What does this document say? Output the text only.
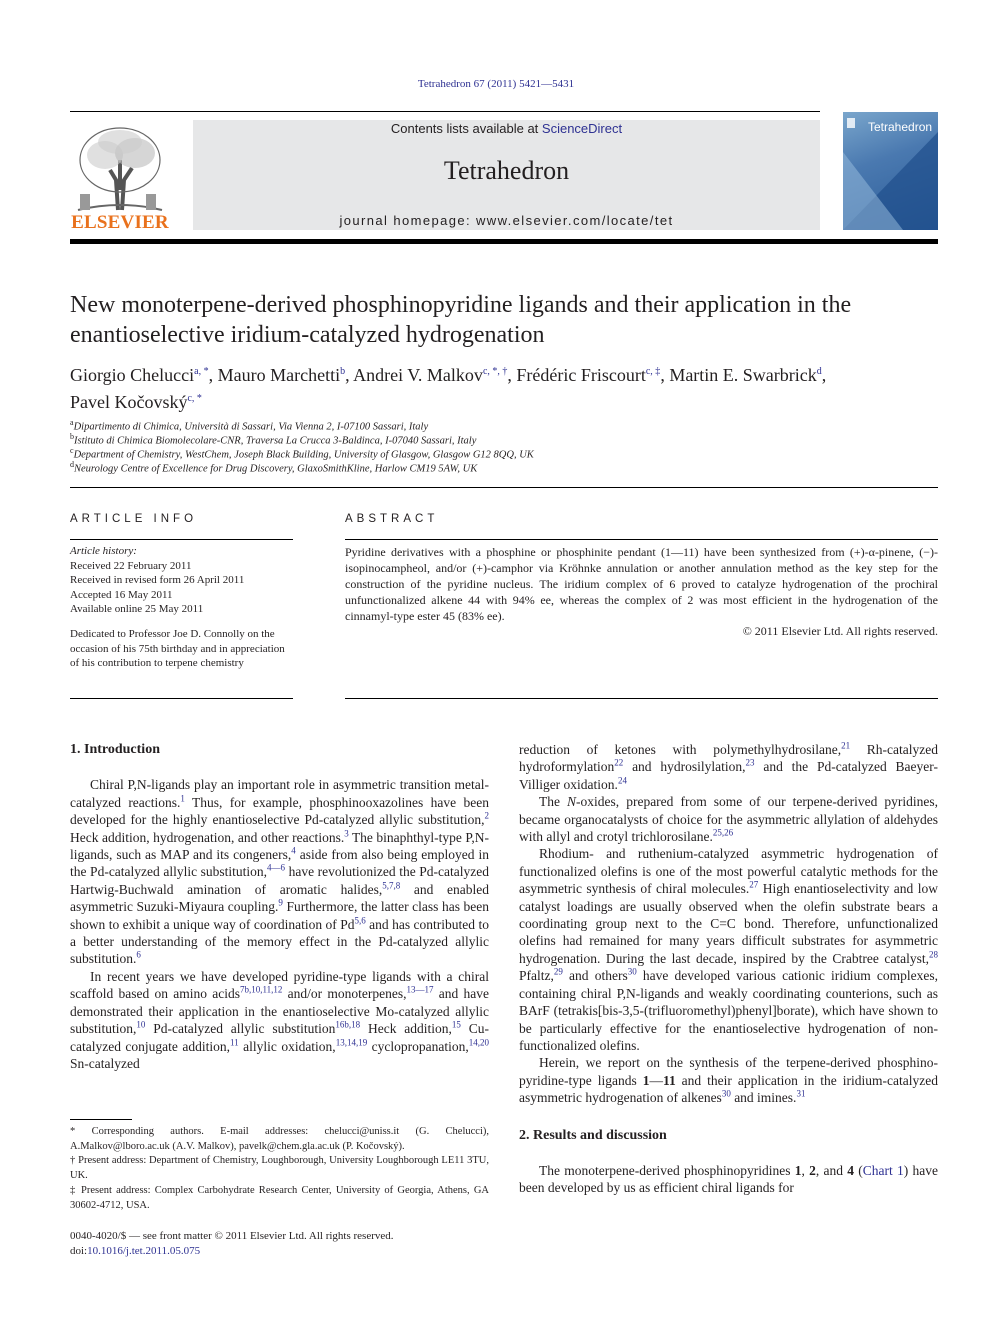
Tetrahedron 67 (2011) 5421—5431
ELSEVIER
Contents lists available at ScienceDirect
Tetrahedron
journal homepage: www.elsevier.com/locate/tet
Tetrahedron
New monoterpene-derived phosphinopyridine ligands and their application in the enantioselective iridium-catalyzed hydrogenation
Giorgio Chelucci$^{a, *}$, Mauro Marchetti$^b$, Andrei V. Malkov$^{c, *, \dagger}$, Frédéric Friscourt$^{c, \ddagger}$, Martin E. Swarbrick$^d$,
Pavel Kočovský$^{c, *}$
$^a$Dipartimento di Chimica, Università di Sassari, Via Vienna 2, I-07100 Sassari, Italy
$^b$Istituto di Chimica Biomolecolare-CNR, Traversa La Crucca 3-Baldinca, I-07040 Sassari, Italy
$^c$Department of Chemistry, WestChem, Joseph Black Building, University of Glasgow, Glasgow G12 8QQ, UK
$^d$Neurology Centre of Excellence for Drug Discovery, GlaxoSmithKline, Harlow CM19 5AW, UK
ARTICLE INFO
Article history:
Received 22 February 2011
Received in revised form 26 April 2011
Accepted 16 May 2011
Available online 25 May 2011
Dedicated to Professor Joe D. Connolly on the occasion of his 75th birthday and in appreciation of his contribution to terpene chemistry
ABSTRACT
Pyridine derivatives with a phosphine or phosphinite pendant (1—11) have been synthesized from (+)-α-pinene, (−)-isopinocampheol, and/or (+)-camphor via Kröhnke annulation or another annulation method as the key step for the construction of the pyridine nucleus. The iridium complex of 6 proved to catalyze hydrogenation of the prochiral unfunctionalized alkene 44 with 94% ee, whereas the complex of 2 was most efficient in the hydrogenation of the cinnamyl-type ester 45 (83% ee).
© 2011 Elsevier Ltd. All rights reserved.
1. Introduction

Chiral P,N-ligands play an important role in asymmetric transition metal-catalyzed reactions.$^1$ Thus, for example, phosphinooxazolines have been developed for the highly enantioselective Pd-catalyzed allylic substitution,$^2$ Heck addition, hydrogenation, and other reactions.$^3$ The binaphthyl-type P,N-ligands, such as MAP and its congeners,$^4$ aside from also being employed in the Pd-catalyzed allylic substitution,$^{4—6}$ have revolutionized the Pd-catalyzed Hartwig-Buchwald amination of aromatic halides,$^{5,7,8}$ and enabled asymmetric Suzuki-Miyaura coupling.$^9$ Furthermore, the latter class has been shown to exhibit a unique way of coordination of Pd$^{5,6}$ and has contributed to a better understanding of the memory effect in the Pd-catalyzed allylic substitution.$^6$

In recent years we have developed pyridine-type ligands with a chiral scaffold based on amino acids$^{7b,10,11,12}$ and/or monoterpenes,$^{13—17}$ and have demonstrated their application in the enantioselective Mo-catalyzed allylic substitution,$^{10}$ Pd-catalyzed allylic substitution$^{16b,18}$ Heck addition,$^{15}$ Cu-catalyzed conjugate addition,$^{11}$ allylic oxidation,$^{13,14,19}$ cyclopropanation,$^{14,20}$ Sn-catalyzed

* Corresponding authors. E-mail addresses: chelucci@uniss.it (G. Chelucci), A.Malkov@lboro.ac.uk (A.V. Malkov), pavelk@chem.gla.ac.uk (P. Kočovský).
† Present address: Department of Chemistry, Loughborough, University Loughborough LE11 3TU, UK.
‡ Present address: Complex Carbohydrate Research Center, University of Georgia, Athens, GA 30602-4712, USA.
0040-4020/$ — see front matter © 2011 Elsevier Ltd. All rights reserved.
doi:10.1016/j.tet.2011.05.075

reduction of ketones with polymethylhydrosilane,$^{21}$ Rh-catalyzed hydroformylation$^{22}$ and hydrosilylation,$^{23}$ and the Pd-catalyzed Baeyer-Villiger oxidation.$^{24}$

The N-oxides, prepared from some of our terpene-derived pyridines, became organocatalysts of choice for the asymmetric allylation of aldehydes with allyl and crotyl trichlorosilane.$^{25,26}$

Rhodium- and ruthenium-catalyzed asymmetric hydrogenation of functionalized olefins is one of the most powerful catalytic methods for the asymmetric synthesis of chiral molecules.$^{27}$ High enantioselectivity and low catalyst loadings are usually observed when the olefin substrate bears a coordinating group next to the C=C bond. Therefore, unfunctionalized olefins had remained for many years difficult substrates for asymmetric hydrogenation. During the last decade, inspired by the Crabtree catalyst,$^{28}$ Pfaltz,$^{29}$ and others$^{30}$ have developed various cationic iridium complexes, containing chiral P,N-ligands and weakly coordinating counterions, such as BArF (tetrakis[bis-3,5-(trifluoromethyl)phenyl]borate), which have shown to be particularly effective for the enantioselective hydrogenation of non-functionalized olefins.

Herein, we report on the synthesis of the terpene-derived phosphino-pyridine-type ligands 1—11 and their application in the iridium-catalyzed asymmetric hydrogenation of alkenes$^{30}$ and imines.$^{31}$

2. Results and discussion

The monoterpene-derived phosphinopyridines 1, 2, and 4 (Chart 1) have been developed by us as efficient chiral ligands for
